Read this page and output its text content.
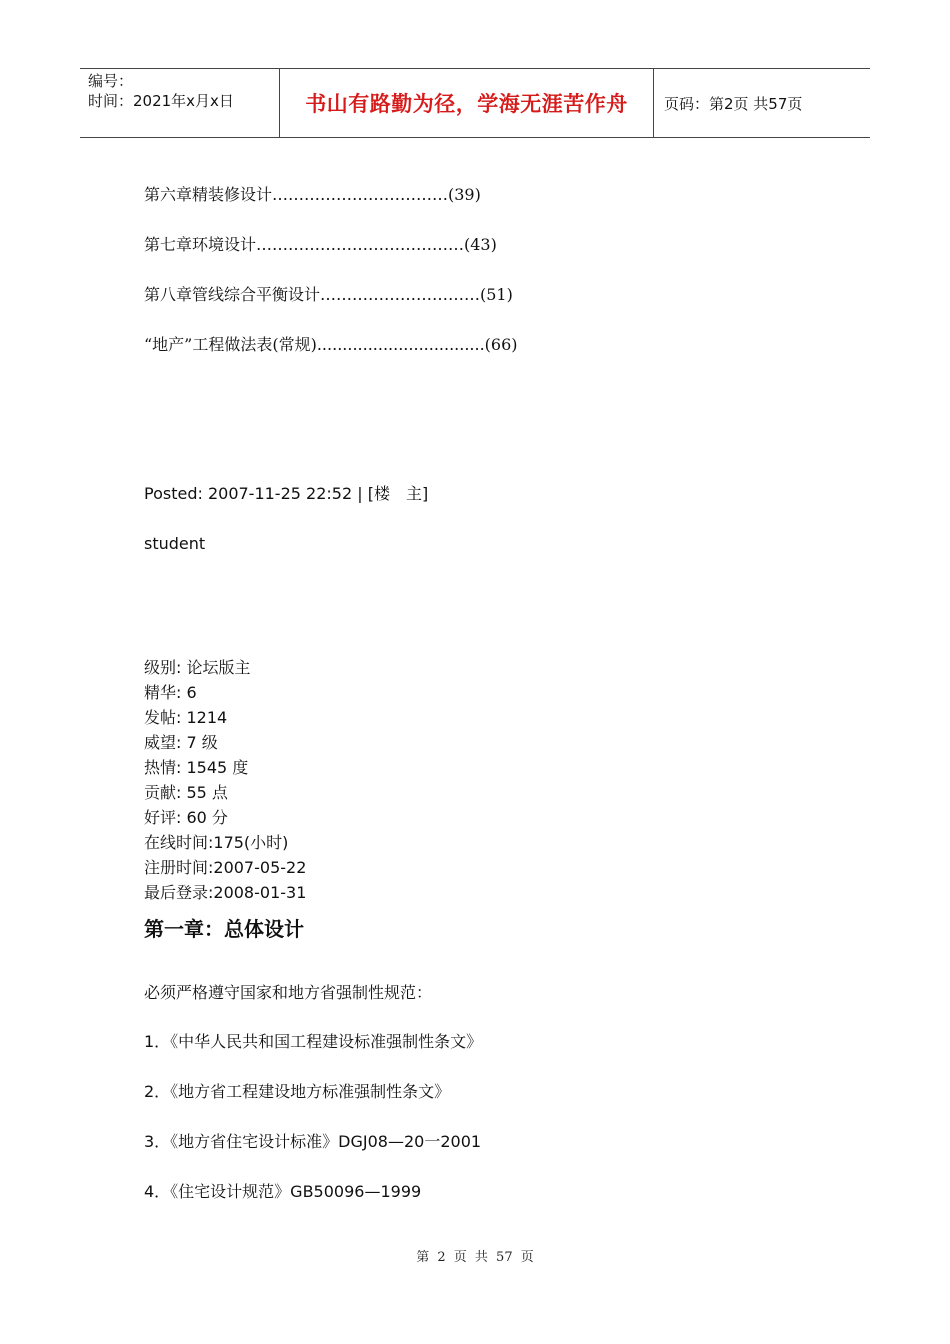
编号：
时间：2021年x月x日	书山有路勤为径，学海无涯苦作舟	页码：第2页 共57页
第六章精装修设计……………………………(39)
第七章环境设计…………………………………(43)
第八章管线综合平衡设计…………………………(51)
“地产”工程做法表(常规).................................(66)
Posted: 2007-11-25 22:52 | [楼　主]
student
级别: 论坛版主
精华: 6
发帖: 1214
威望: 7 级
热情: 1545 度
贡献: 55 点
好评: 60 分
在线时间:175(小时)
注册时间:2007-05-22
最后登录:2008-01-31
第一章：总体设计
必须严格遵守国家和地方省强制性规范：
1．《中华人民共和国工程建设标准强制性条文》
2．《地方省工程建设地方标准强制性条文》
3．《地方省住宅设计标准》DGJ08—20一2001
4．《住宅设计规范》GB50096—1999
第 2 页 共 57 页
